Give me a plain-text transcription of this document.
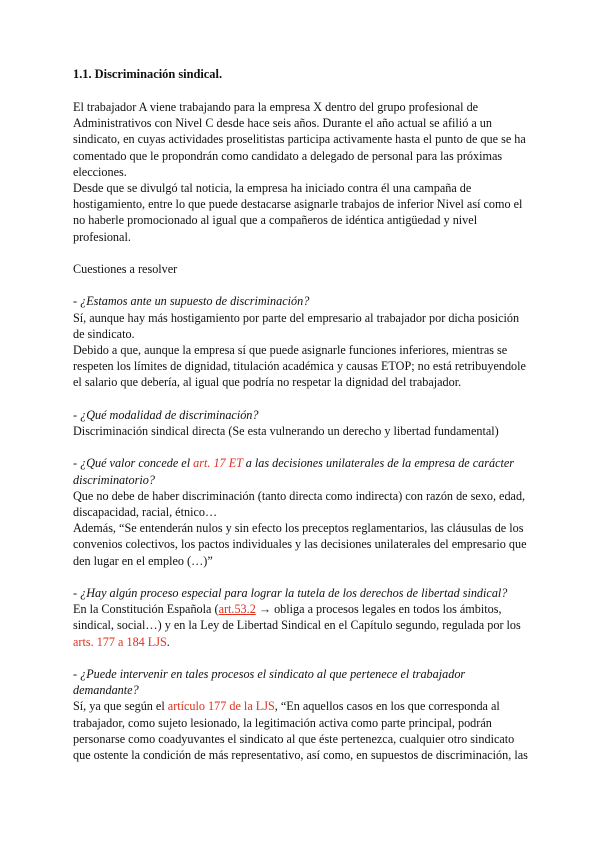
1.1. Discriminación sindical.

El trabajador A viene trabajando para la empresa X dentro del grupo profesional de Administrativos con Nivel C desde hace seis años. Durante el año actual se afilió a un sindicato, en cuyas actividades proselitistas participa activamente hasta el punto de que se ha comentado que le propondrán como candidato a delegado de personal para las próximas elecciones.

Desde que se divulgó tal noticia, la empresa ha iniciado contra él una campaña de hostigamiento, entre lo que puede destacarse asignarle trabajos de inferior Nivel así como el no haberle promocionado al igual que a compañeros de idéntica antigüedad y nivel profesional.

Cuestiones a resolver

- ¿Estamos ante un supuesto de discriminación?

Sí, aunque hay más hostigamiento por parte del empresario al trabajador por dicha posición de sindicato.

Debido a que, aunque la empresa sí que puede asignarle funciones inferiores, mientras se respeten los límites de dignidad, titulación académica y causas ETOP; no está retribuyendole el salario que debería, al igual que podría no respetar la dignidad del trabajador.

- ¿Qué modalidad de discriminación?

Discriminación sindical directa (Se esta vulnerando un derecho y libertad fundamental)

- ¿Qué valor concede el art. 17 ET a las decisiones unilaterales de la empresa de carácter discriminatorio?

Que no debe de haber discriminación (tanto directa como indirecta) con razón de sexo, edad, discapacidad, racial, étnico…

Además, “Se entenderán nulos y sin efecto los preceptos reglamentarios, las cláusulas de los convenios colectivos, los pactos individuales y las decisiones unilaterales del empresario que den lugar en el empleo (…)”

- ¿Hay algún proceso especial para lograr la tutela de los derechos de libertad sindical?

En la Constitución Española (art.53.2 → obliga a procesos legales en todos los ámbitos, sindical, social…) y en la Ley de Libertad Sindical en el Capítulo segundo, regulada por los arts. 177 a 184 LJS.

- ¿Puede intervenir en tales procesos el sindicato al que pertenece el trabajador demandante?

Sí, ya que según el artículo 177 de la LJS, “En aquellos casos en los que corresponda al trabajador, como sujeto lesionado, la legitimación activa como parte principal, podrán personarse como coadyuvantes el sindicato al que éste pertenezca, cualquier otro sindicato que ostente la condición de más representativo, así como, en supuestos de discriminación, las
